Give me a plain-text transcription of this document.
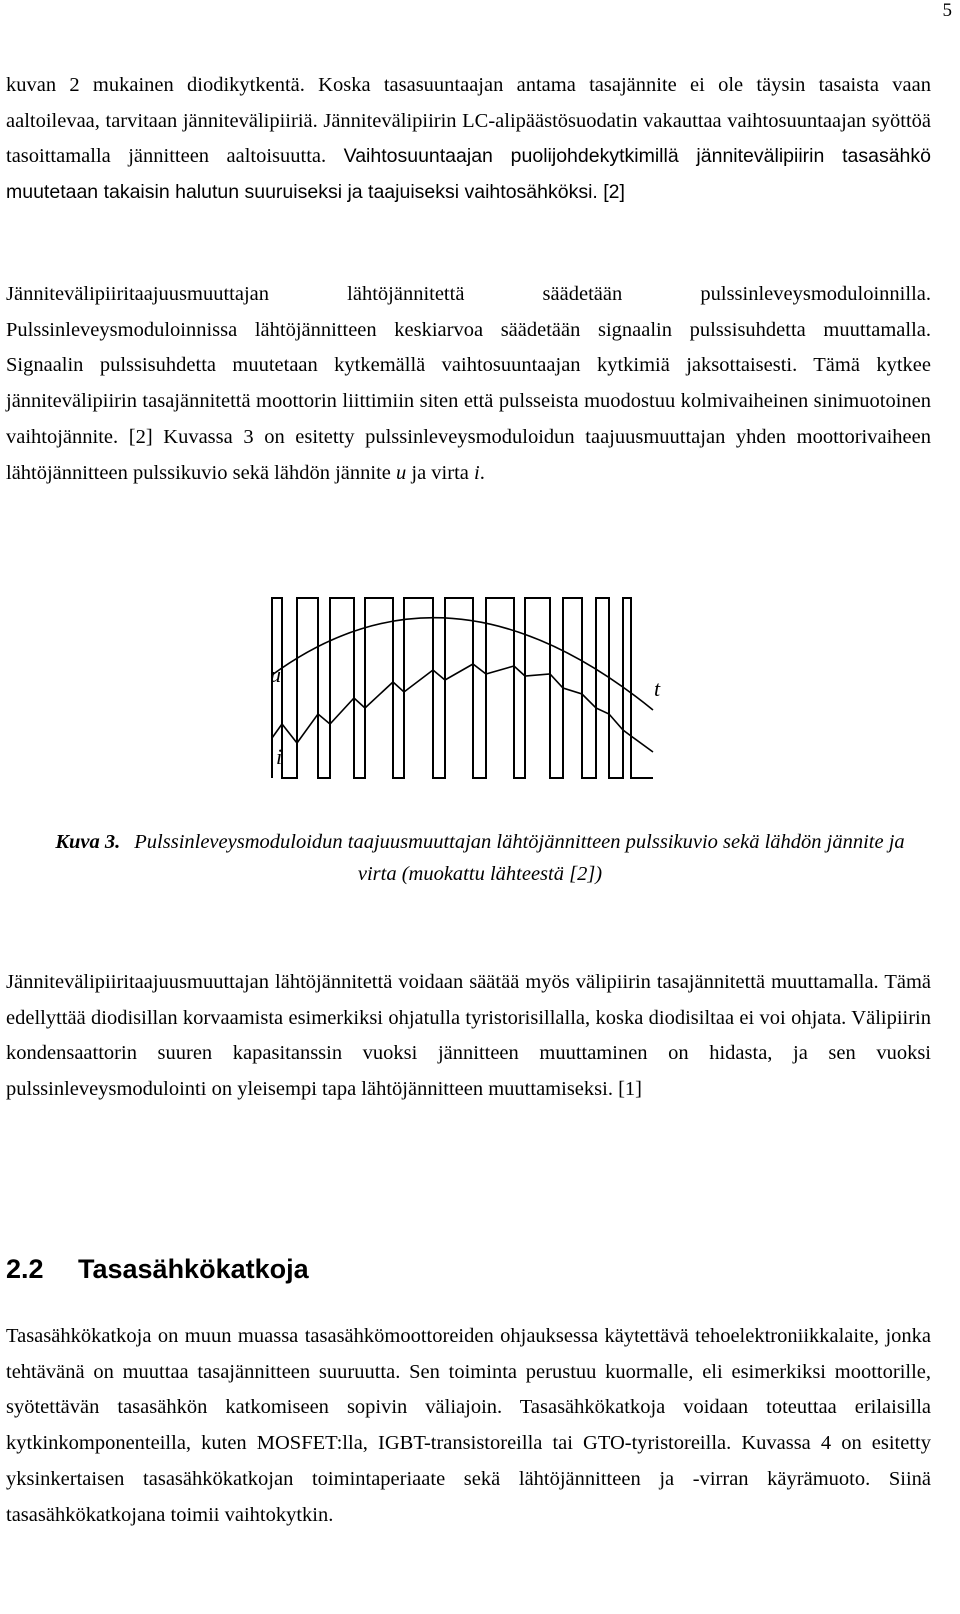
5

kuvan 2 mukainen diodikytkentä. Koska tasasuuntaajan antama tasajännite ei ole täysin tasaista vaan aaltoilevaa, tarvitaan jännitevälipiiriä. Jännitevälipiirin LC-alipäästösuodatin vakauttaa vaihtosuuntaajan syöttöä tasoittamalla jännitteen aaltoisuutta. Vaihtosuuntaajan puolijohdekytkimillä jännitevälipiirin tasasähkö muutetaan takaisin halutun suuruiseksi ja taajuiseksi vaihtosähköksi. [2]

Jännitevälipiiritaajuusmuuttajan lähtöjännitettä säädetään pulssinleveysmoduloinnilla. Pulssinleveysmoduloinnissa lähtöjännitteen keskiarvoa säädetään signaalin pulssisuhdetta muuttamalla. Signaalin pulssisuhdetta muutetaan kytkemällä vaihtosuuntaajan kytkimiä jaksottaisesti. Tämä kytkee jännitevälipiirin tasajännitettä moottorin liittimiin siten että pulsseista muodostuu kolmivaiheinen sinimuotoinen vaihtojännite. [2] Kuvassa 3 on esitetty pulssinleveysmoduloidun taajuusmuuttajan yhden moottorivaiheen lähtöjännitteen pulssikuvio sekä lähdön jännite u ja virta i.

u
t
i

Kuva 3. Pulssinleveysmoduloidun taajuusmuuttajan lähtöjännitteen pulssikuvio sekä lähdön jännite ja virta (muokattu lähteestä [2])

Jännitevälipiiritaajuusmuuttajan lähtöjännitettä voidaan säätää myös välipiirin tasajännitettä muuttamalla. Tämä edellyttää diodisillan korvaamista esimerkiksi ohjatulla tyristorisillalla, koska diodisiltaa ei voi ohjata. Välipiirin kondensaattorin suuren kapasitanssin vuoksi jännitteen muuttaminen on hidasta, ja sen vuoksi pulssinleveysmodulointi on yleisempi tapa lähtöjännitteen muuttamiseksi. [1]

2.2 Tasasähkökatkoja

Tasasähkökatkoja on muun muassa tasasähkömoottoreiden ohjauksessa käytettävä tehoelektroniikkalaite, jonka tehtävänä on muuttaa tasajännitteen suuruutta. Sen toiminta perustuu kuormalle, eli esimerkiksi moottorille, syötettävän tasasähkön katkomiseen sopivin väliajoin. Tasasähkökatkoja voidaan toteuttaa erilaisilla kytkinkomponenteilla, kuten MOSFET:lla, IGBT-transistoreilla tai GTO-tyristoreilla. Kuvassa 4 on esitetty yksinkertaisen tasasähkökatkojan toimintaperiaate sekä lähtöjännitteen ja -virran käyrämuoto. Siinä tasasähkökatkojana toimii vaihtokytkin.
